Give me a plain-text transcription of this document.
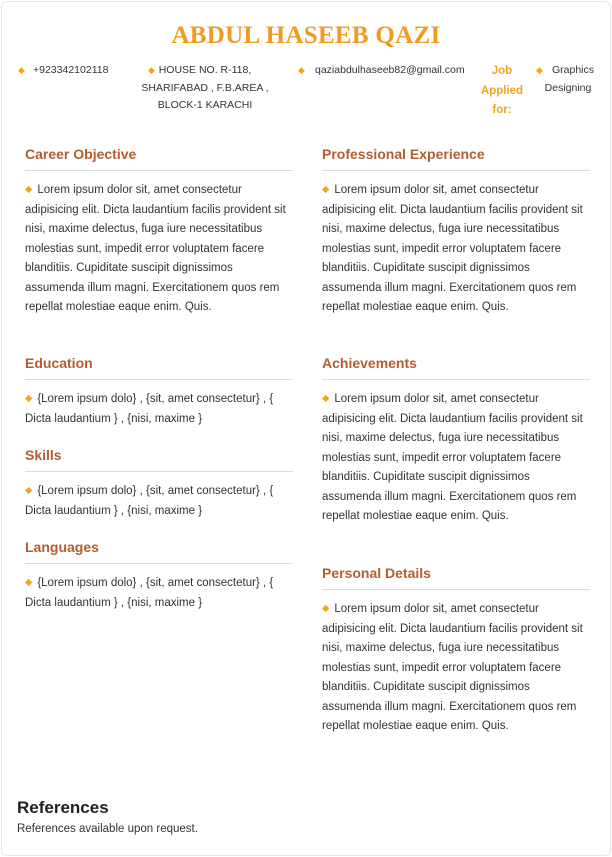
ABDUL HASEEB QAZI
◆ +923342102118	◆ HOUSE NO. R-118,
SHARIFABAD , F.B.AREA ,
BLOCK-1 KARACHI
◆ qaziabdulhaseeb82@gmail.com	Job
Applied
for:
◆ Graphics
Designing
Career Objective

◆ Lorem ipsum dolor sit, amet consectetur adipisicing elit. Dicta laudantium facilis provident sit nisi, maxime delectus, fuga iure necessitatibus molestias sunt, impedit error voluptatem facere blanditiis. Cupiditate suscipit dignissimos assumenda illum magni. Exercitationem quos rem repellat molestiae eaque enim. Quis.

Education

◆ {Lorem ipsum dolo} , {sit, amet consectetur} , { Dicta laudantium } , {nisi, maxime }

Skills

◆ {Lorem ipsum dolo} , {sit, amet consectetur} , { Dicta laudantium } , {nisi, maxime }

Languages

◆ {Lorem ipsum dolo} , {sit, amet consectetur} , { Dicta laudantium } , {nisi, maxime }

Professional Experience

◆ Lorem ipsum dolor sit, amet consectetur adipisicing elit. Dicta laudantium facilis provident sit nisi, maxime delectus, fuga iure necessitatibus molestias sunt, impedit error voluptatem facere blanditiis. Cupiditate suscipit dignissimos assumenda illum magni. Exercitationem quos rem repellat molestiae eaque enim. Quis.

Achievements

◆ Lorem ipsum dolor sit, amet consectetur adipisicing elit. Dicta laudantium facilis provident sit nisi, maxime delectus, fuga iure necessitatibus molestias sunt, impedit error voluptatem facere blanditiis. Cupiditate suscipit dignissimos assumenda illum magni. Exercitationem quos rem repellat molestiae eaque enim. Quis.

Personal Details

◆ Lorem ipsum dolor sit, amet consectetur adipisicing elit. Dicta laudantium facilis provident sit nisi, maxime delectus, fuga iure necessitatibus molestias sunt, impedit error voluptatem facere blanditiis. Cupiditate suscipit dignissimos assumenda illum magni. Exercitationem quos rem repellat molestiae eaque enim. Quis.

References
References available upon request.
